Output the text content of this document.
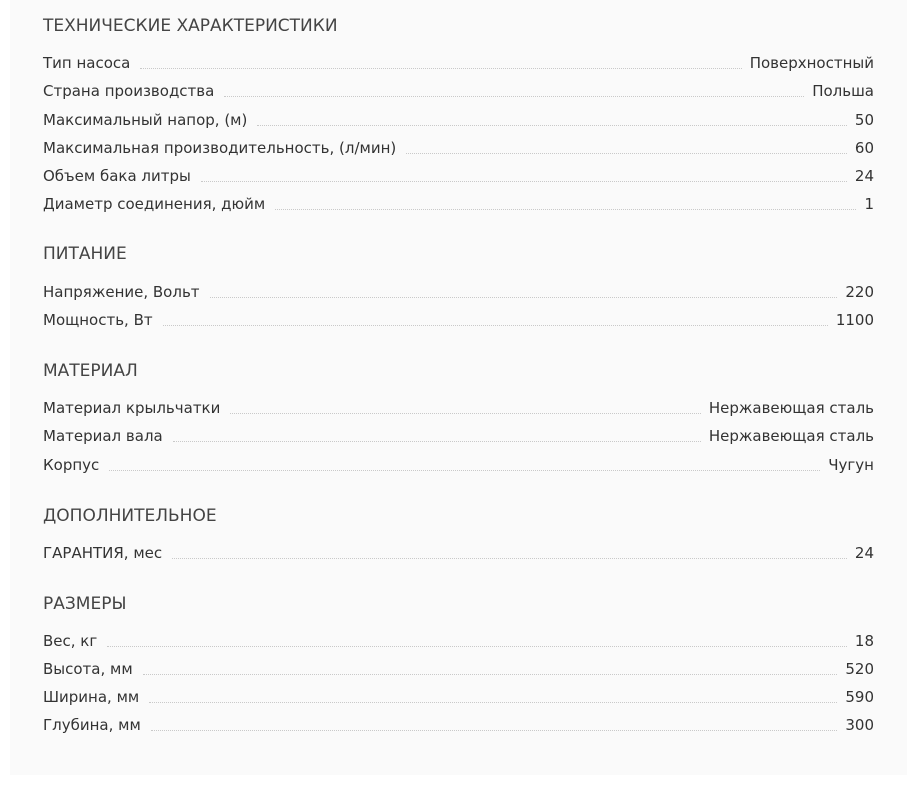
ТЕХНИЧЕСКИЕ ХАРАКТЕРИСТИКИ
Тип насоса	Поверхностный
Страна производства	Польша
Максимальный напор, (м)	50
Максимальная производительность, (л/мин)	60
Объем бака литры	24
Диаметр соединения, дюйм	1
ПИТАНИЕ
Напряжение, Вольт	220
Мощность, Вт	1100
МАТЕРИАЛ
Материал крыльчатки	Нержавеющая сталь
Материал вала	Нержавеющая сталь
Корпус	Чугун
ДОПОЛНИТЕЛЬНОЕ
ГАРАНТИЯ, мес	24
РАЗМЕРЫ
Вес, кг	18
Высота, мм	520
Ширина, мм	590
Глубина, мм	300
